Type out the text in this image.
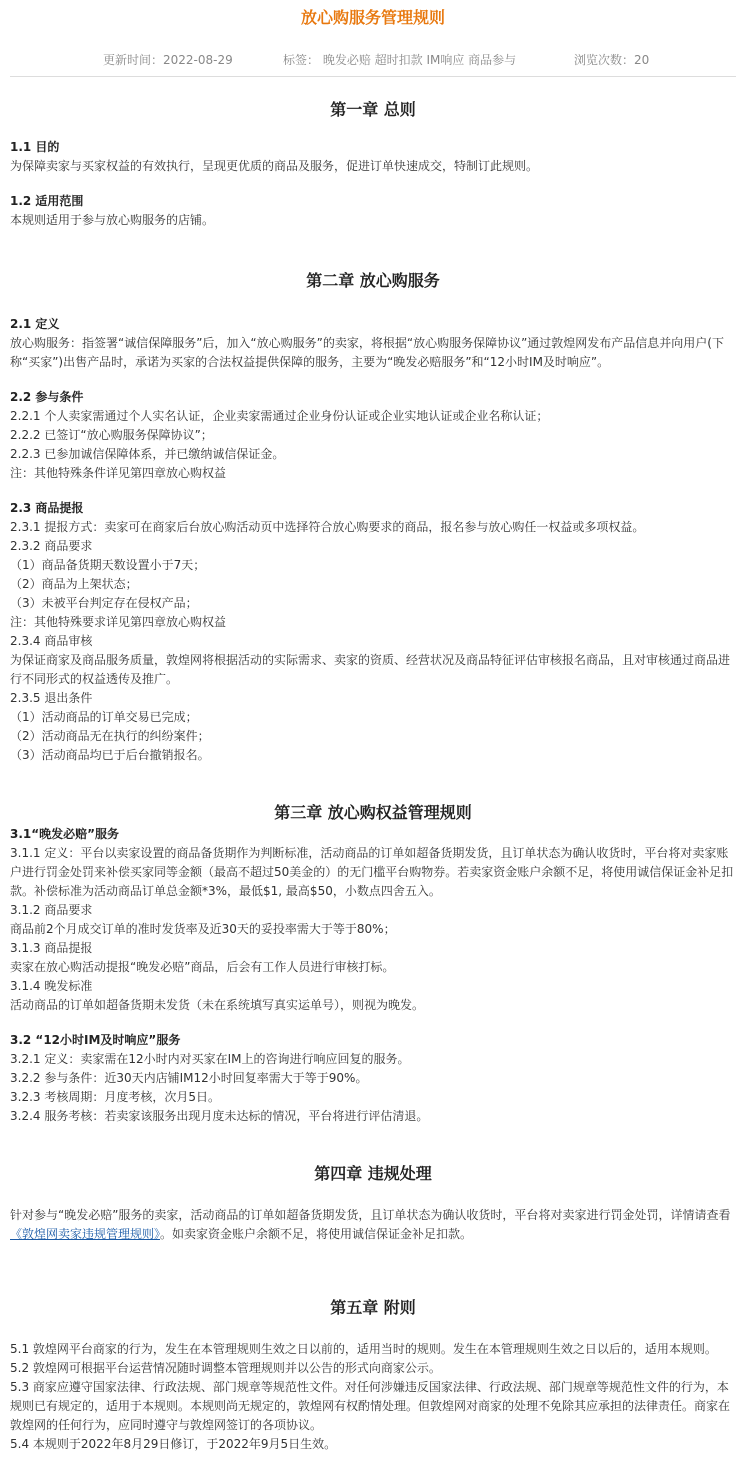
放心购服务管理规则
更新时间：2022-08-29	标签： 晚发必赔 超时扣款 IM响应 商品参与	浏览次数：20
第一章 总则

1.1 目的

为保障卖家与买家权益的有效执行，呈现更优质的商品及服务，促进订单快速成交，特制订此规则。

1.2 适用范围

本规则适用于参与放心购服务的店铺。

第二章 放心购服务

2.1 定义

放心购服务：指签署“诚信保障服务”后，加入“放心购服务”的卖家，将根据“放心购服务保障协议”通过敦煌网发布产品信息并向用户(下称“买家”)出售产品时，承诺为买家的合法权益提供保障的服务，主要为“晚发必赔服务”和“12小时IM及时响应”。

2.2 参与条件

2.2.1 个人卖家需通过个人实名认证，企业卖家需通过企业身份认证或企业实地认证或企业名称认证；

2.2.2 已签订“放心购服务保障协议”；

2.2.3 已参加诚信保障体系，并已缴纳诚信保证金。

注：其他特殊条件详见第四章放心购权益

2.3 商品提报

2.3.1 提报方式：卖家可在商家后台放心购活动页中选择符合放心购要求的商品，报名参与放心购任一权益或多项权益。

2.3.2 商品要求

（1）商品备货期天数设置小于7天；

（2）商品为上架状态；

（3）未被平台判定存在侵权产品；

注：其他特殊要求详见第四章放心购权益

2.3.4 商品审核

为保证商家及商品服务质量，敦煌网将根据活动的实际需求、卖家的资质、经营状况及商品特征评估审核报名商品，且对审核通过商品进行不同形式的权益透传及推广。

2.3.5 退出条件

（1）活动商品的订单交易已完成；

（2）活动商品无在执行的纠纷案件；

（3）活动商品均已于后台撤销报名。

第三章 放心购权益管理规则

3.1“晚发必赔”服务

3.1.1 定义：平台以卖家设置的商品备货期作为判断标准，活动商品的订单如超备货期发货，且订单状态为确认收货时，平台将对卖家账户进行罚金处罚来补偿买家同等金额（最高不超过50美金的）的无门槛平台购物券。若卖家资金账户余额不足，将使用诚信保证金补足扣款。补偿标准为活动商品订单总金额*3%，最低$1, 最高$50，小数点四舍五入。

3.1.2 商品要求

商品前2个月成交订单的准时发货率及近30天的妥投率需大于等于80%；

3.1.3 商品提报

卖家在放心购活动提报“晚发必赔”商品，后会有工作人员进行审核打标。

3.1.4 晚发标准

活动商品的订单如超备货期未发货（未在系统填写真实运单号），则视为晚发。

3.2 “12小时IM及时响应”服务

3.2.1 定义：卖家需在12小时内对买家在IM上的咨询进行响应回复的服务。

3.2.2 参与条件：近30天内店铺IM12小时回复率需大于等于90%。

3.2.3 考核周期：月度考核，次月5日。

3.2.4 服务考核：若卖家该服务出现月度未达标的情况，平台将进行评估清退。

第四章 违规处理

针对参与“晚发必赔”服务的卖家，活动商品的订单如超备货期发货，且订单状态为确认收货时，平台将对卖家进行罚金处罚，详情请查看《敦煌网卖家违规管理规则》。如卖家资金账户余额不足，将使用诚信保证金补足扣款。

第五章 附则

5.1 敦煌网平台商家的行为，发生在本管理规则生效之日以前的，适用当时的规则。发生在本管理规则生效之日以后的，适用本规则。

5.2 敦煌网可根据平台运营情况随时调整本管理规则并以公告的形式向商家公示。

5.3 商家应遵守国家法律、行政法规、部门规章等规范性文件。对任何涉嫌违反国家法律、行政法规、部门规章等规范性文件的行为，本规则已有规定的，适用于本规则。本规则尚无规定的，敦煌网有权酌情处理。但敦煌网对商家的处理不免除其应承担的法律责任。商家在敦煌网的任何行为，应同时遵守与敦煌网签订的各项协议。

5.4 本规则于2022年8月29日修订，于2022年9月5日生效。
